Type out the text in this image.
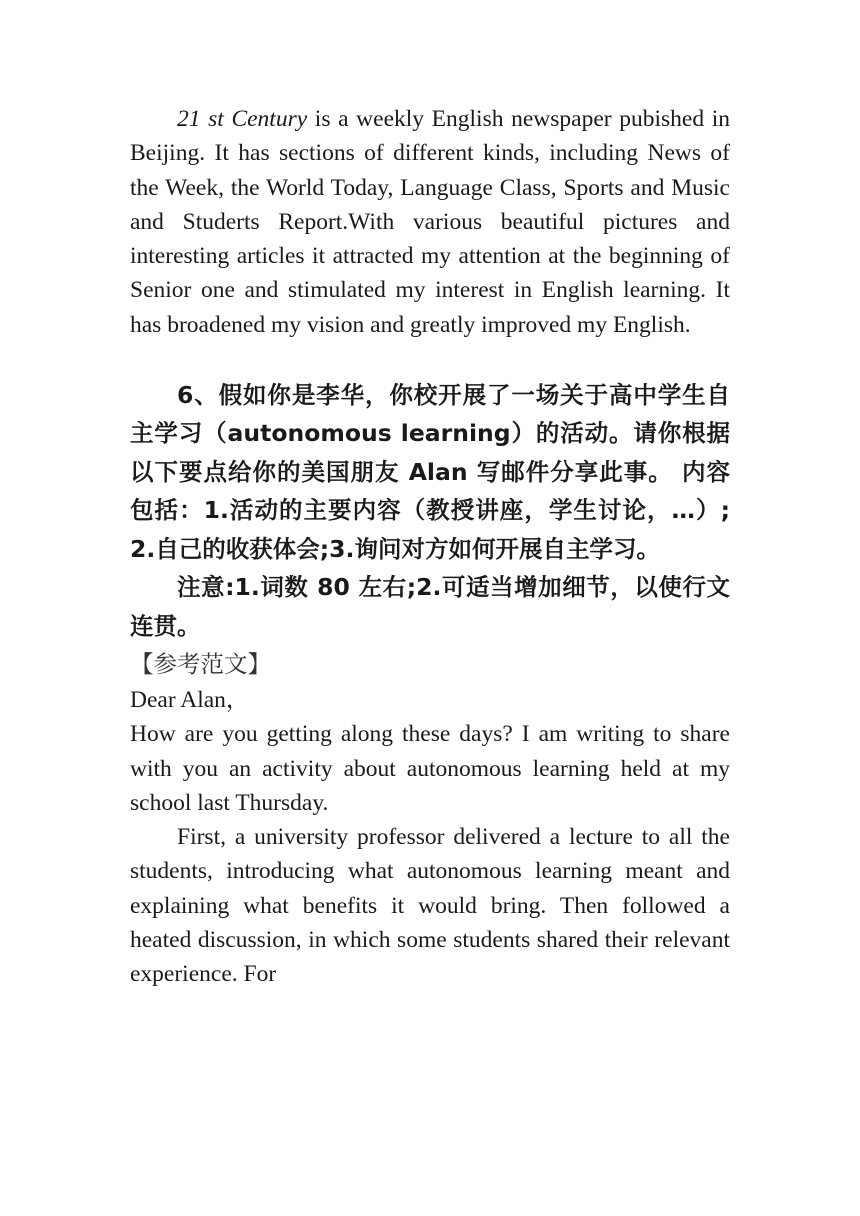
21 st Century is a weekly English newspaper pubished in Beijing. It has sections of different kinds, including News of the Week, the World Today, Language Class, Sports and Music and Studerts Report.With various beautiful pictures and interesting articles it attracted my attention at the beginning of Senior one and stimulated my interest in English learning. It has broadened my vision and greatly improved my English.

6、假如你是李华，你校开展了一场关于高中学生自主学习（autonomous learning）的活动。请你根据以下要点给你的美国朋友 Alan 写邮件分享此事。 内容包括：1.活动的主要内容（教授讲座，学生讨论，…）; 2.自己的收获体会;3.询问对方如何开展自主学习。

注意:1.词数 80 左右;2.可适当增加细节，以使行文连贯。

【参考范文】

Dear Alan，

How are you getting along these days? I am writing to share with you an activity about autonomous learning held at my school last Thursday.

First, a university professor delivered a lecture to all the students, introducing what autonomous learning meant and explaining what benefits it would bring. Then followed a heated discussion, in which some students shared their relevant experience. For
